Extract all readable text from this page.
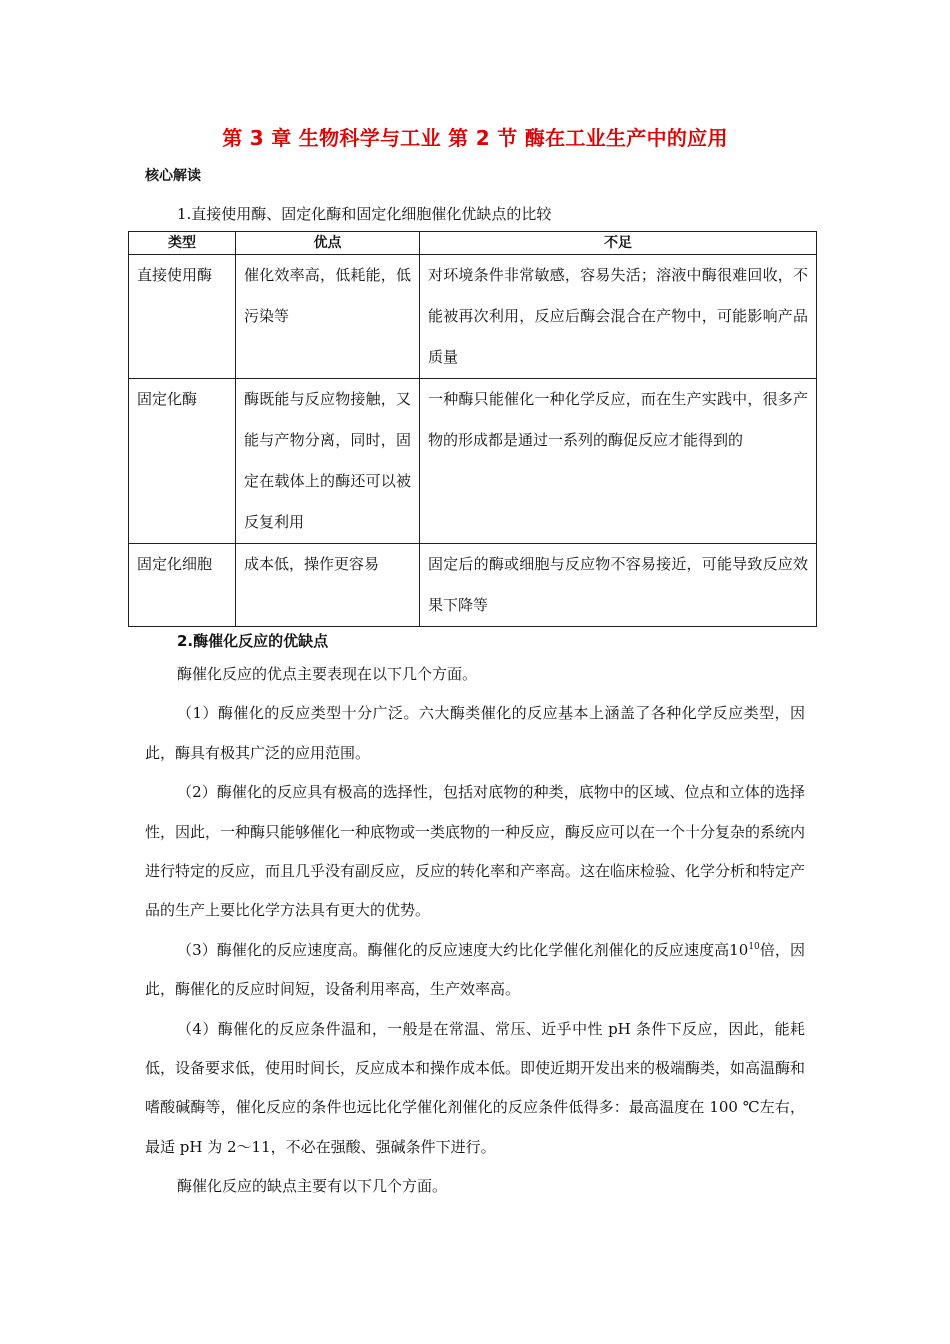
第 3 章 生物科学与工业 第 2 节 酶在工业生产中的应用
核心解读
1.直接使用酶、固定化酶和固定化细胞催化优缺点的比较
类型	优点	不足
直接使用酶	催化效率高，低耗能，低污染等	对环境条件非常敏感，容易失活；溶液中酶很难回收，不能被再次利用，反应后酶会混合在产物中，可能影响产品质量
固定化酶	酶既能与反应物接触，又能与产物分离，同时，固定在载体上的酶还可以被反复利用	一种酶只能催化一种化学反应，而在生产实践中，很多产物的形成都是通过一系列的酶促反应才能得到的
固定化细胞	成本低，操作更容易	固定后的酶或细胞与反应物不容易接近，可能导致反应效果下降等
2.酶催化反应的优缺点

酶催化反应的优点主要表现在以下几个方面。

（1）酶催化的反应类型十分广泛。六大酶类催化的反应基本上涵盖了各种化学反应类型，因此，酶具有极其广泛的应用范围。

（2）酶催化的反应具有极高的选择性，包括对底物的种类，底物中的区域、位点和立体的选择性，因此，一种酶只能够催化一种底物或一类底物的一种反应，酶反应可以在一个十分复杂的系统内进行特定的反应，而且几乎没有副反应，反应的转化率和产率高。这在临床检验、化学分析和特定产品的生产上要比化学方法具有更大的优势。

（3）酶催化的反应速度高。酶催化的反应速度大约比化学催化剂催化的反应速度高$10^{10}$倍，因此，酶催化的反应时间短，设备利用率高，生产效率高。

（4）酶催化的反应条件温和，一般是在常温、常压、近乎中性 pH 条件下反应，因此，能耗低，设备要求低，使用时间长，反应成本和操作成本低。即使近期开发出来的极端酶类，如高温酶和嗜酸碱酶等，催化反应的条件也远比化学催化剂催化的反应条件低得多：最高温度在 100 ℃左右，最适 pH 为 2～11，不必在强酸、强碱条件下进行。

酶催化反应的缺点主要有以下几个方面。
